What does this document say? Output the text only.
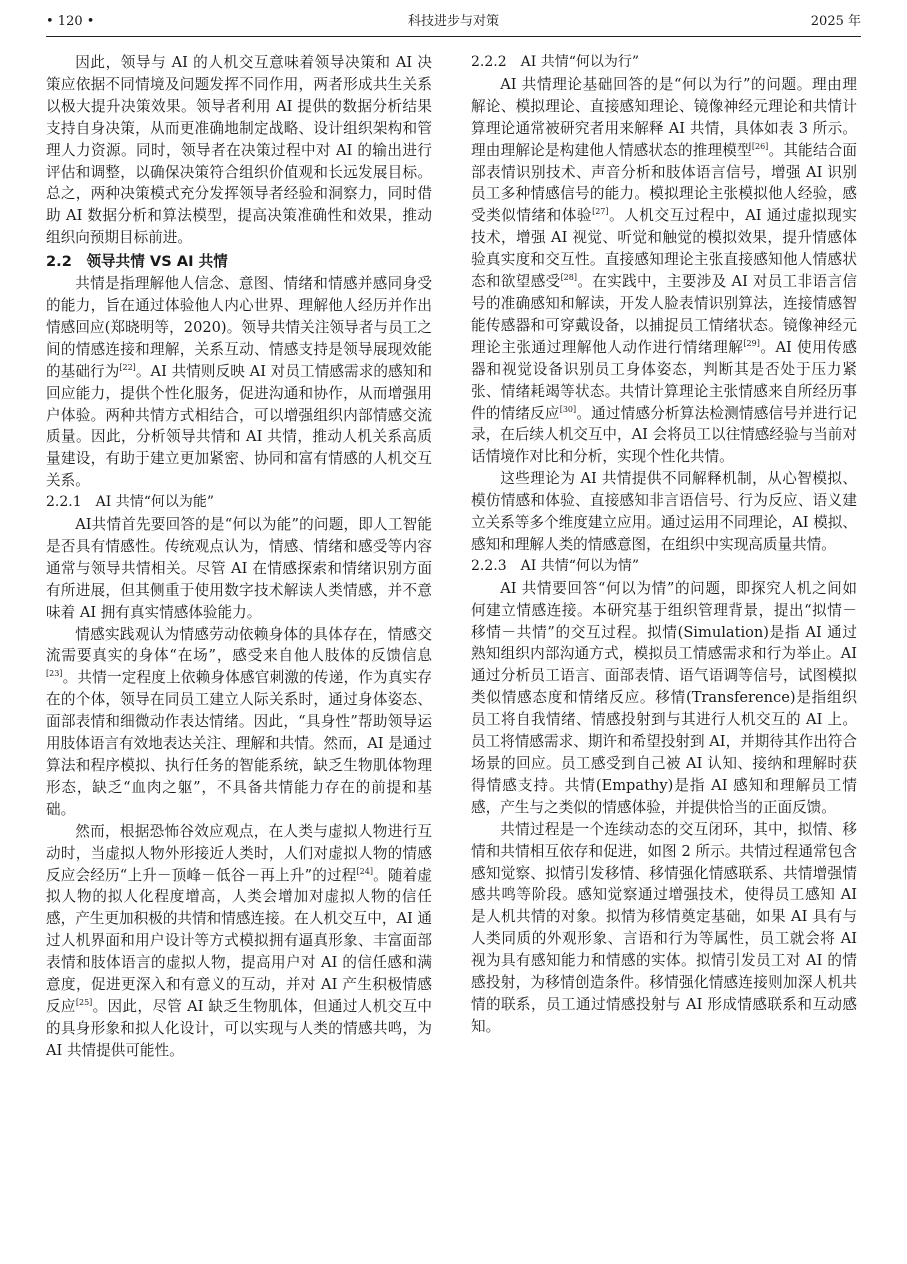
• 120 •	科技进步与对策	2025 年

因此，领导与 AI 的人机交互意味着领导决策和 AI 决策应依据不同情境及问题发挥不同作用，两者形成共生关系以极大提升决策效果。领导者利用 AI 提供的数据分析结果支持自身决策，从而更准确地制定战略、设计组织架构和管理人力资源。同时，领导者在决策过程中对 AI 的输出进行评估和调整，以确保决策符合组织价值观和长远发展目标。总之，两种决策模式充分发挥领导者经验和洞察力，同时借助 AI 数据分析和算法模型，提高决策准确性和效果，推动组织向预期目标前进。

2.2　领导共情 VS AI 共情

共情是指理解他人信念、意图、情绪和情感并感同身受的能力，旨在通过体验他人内心世界、理解他人经历并作出情感回应(郑晓明等，2020)。领导共情关注领导者与员工之间的情感连接和理解，关系互动、情感支持是领导展现效能的基础行为[22]。AI 共情则反映 AI 对员工情感需求的感知和回应能力，提供个性化服务，促进沟通和协作，从而增强用户体验。两种共情方式相结合，可以增强组织内部情感交流质量。因此，分析领导共情和 AI 共情，推动人机关系高质量建设，有助于建立更加紧密、协同和富有情感的人机交互关系。

2.2.1　AI 共情“何以为能”

AI共情首先要回答的是“何以为能”的问题，即人工智能是否具有情感性。传统观点认为，情感、情绪和感受等内容通常与领导共情相关。尽管 AI 在情感探索和情绪识别方面有所进展，但其侧重于使用数字技术解读人类情感，并不意味着 AI 拥有真实情感体验能力。

情感实践观认为情感劳动依赖身体的具体存在，情感交流需要真实的身体“在场”，感受来自他人肢体的反馈信息[23]。共情一定程度上依赖身体感官刺激的传递，作为真实存在的个体，领导在同员工建立人际关系时，通过身体姿态、面部表情和细微动作表达情绪。因此，“具身性”帮助领导运用肢体语言有效地表达关注、理解和共情。然而，AI 是通过算法和程序模拟、执行任务的智能系统，缺乏生物肌体物理形态，缺乏“血肉之躯”，不具备共情能力存在的前提和基础。

然而，根据恐怖谷效应观点，在人类与虚拟人物进行互动时，当虚拟人物外形接近人类时，人们对虚拟人物的情感反应会经历“上升－顶峰－低谷－再上升”的过程[24]。随着虚拟人物的拟人化程度增高，人类会增加对虚拟人物的信任感，产生更加积极的共情和情感连接。在人机交互中，AI 通过人机界面和用户设计等方式模拟拥有逼真形象、丰富面部表情和肢体语言的虚拟人物，提高用户对 AI 的信任感和满意度，促进更深入和有意义的互动，并对 AI 产生积极情感反应[25]。因此，尽管 AI 缺乏生物肌体，但通过人机交互中的具身形象和拟人化设计，可以实现与人类的情感共鸣，为 AI 共情提供可能性。

2.2.2　AI 共情“何以为行”

AI 共情理论基础回答的是“何以为行”的问题。理由理解论、模拟理论、直接感知理论、镜像神经元理论和共情计算理论通常被研究者用来解释 AI 共情，具体如表 3 所示。理由理解论是构建他人情感状态的推理模型[26]。其能结合面部表情识别技术、声音分析和肢体语言信号，增强 AI 识别员工多种情感信号的能力。模拟理论主张模拟他人经验，感受类似情绪和体验[27]。人机交互过程中，AI 通过虚拟现实技术，增强 AI 视觉、听觉和触觉的模拟效果，提升情感体验真实度和交互性。直接感知理论主张直接感知他人情感状态和欲望感受[28]。在实践中，主要涉及 AI 对员工非语言信号的准确感知和解读，开发人脸表情识别算法，连接情感智能传感器和可穿戴设备，以捕捉员工情绪状态。镜像神经元理论主张通过理解他人动作进行情绪理解[29]。AI 使用传感器和视觉设备识别员工身体姿态，判断其是否处于压力紧张、情绪耗竭等状态。共情计算理论主张情感来自所经历事件的情绪反应[30]。通过情感分析算法检测情感信号并进行记录，在后续人机交互中，AI 会将员工以往情感经验与当前对话情境作对比和分析，实现个性化共情。

这些理论为 AI 共情提供不同解释机制，从心智模拟、模仿情感和体验、直接感知非言语信号、行为反应、语义建立关系等多个维度建立应用。通过运用不同理论，AI 模拟、感知和理解人类的情感意图，在组织中实现高质量共情。

2.2.3　AI 共情“何以为情”

AI 共情要回答“何以为情”的问题，即探究人机之间如何建立情感连接。本研究基于组织管理背景，提出“拟情－移情－共情”的交互过程。拟情(Simulation)是指 AI 通过熟知组织内部沟通方式，模拟员工情感需求和行为举止。AI 通过分析员工语言、面部表情、语气语调等信号，试图模拟类似情感态度和情绪反应。移情(Transference)是指组织员工将自我情绪、情感投射到与其进行人机交互的 AI 上。员工将情感需求、期许和希望投射到 AI，并期待其作出符合场景的回应。员工感受到自己被 AI 认知、接纳和理解时获得情感支持。共情(Empathy)是指 AI 感知和理解员工情感，产生与之类似的情感体验，并提供恰当的正面反馈。

共情过程是一个连续动态的交互闭环，其中，拟情、移情和共情相互依存和促进，如图 2 所示。共情过程通常包含感知觉察、拟情引发移情、移情强化情感联系、共情增强情感共鸣等阶段。感知觉察通过增强技术，使得员工感知 AI 是人机共情的对象。拟情为移情奠定基础，如果 AI 具有与人类同质的外观形象、言语和行为等属性，员工就会将 AI 视为具有感知能力和情感的实体。拟情引发员工对 AI 的情感投射，为移情创造条件。移情强化情感连接则加深人机共情的联系，员工通过情感投射与 AI 形成情感联系和互动感知。
